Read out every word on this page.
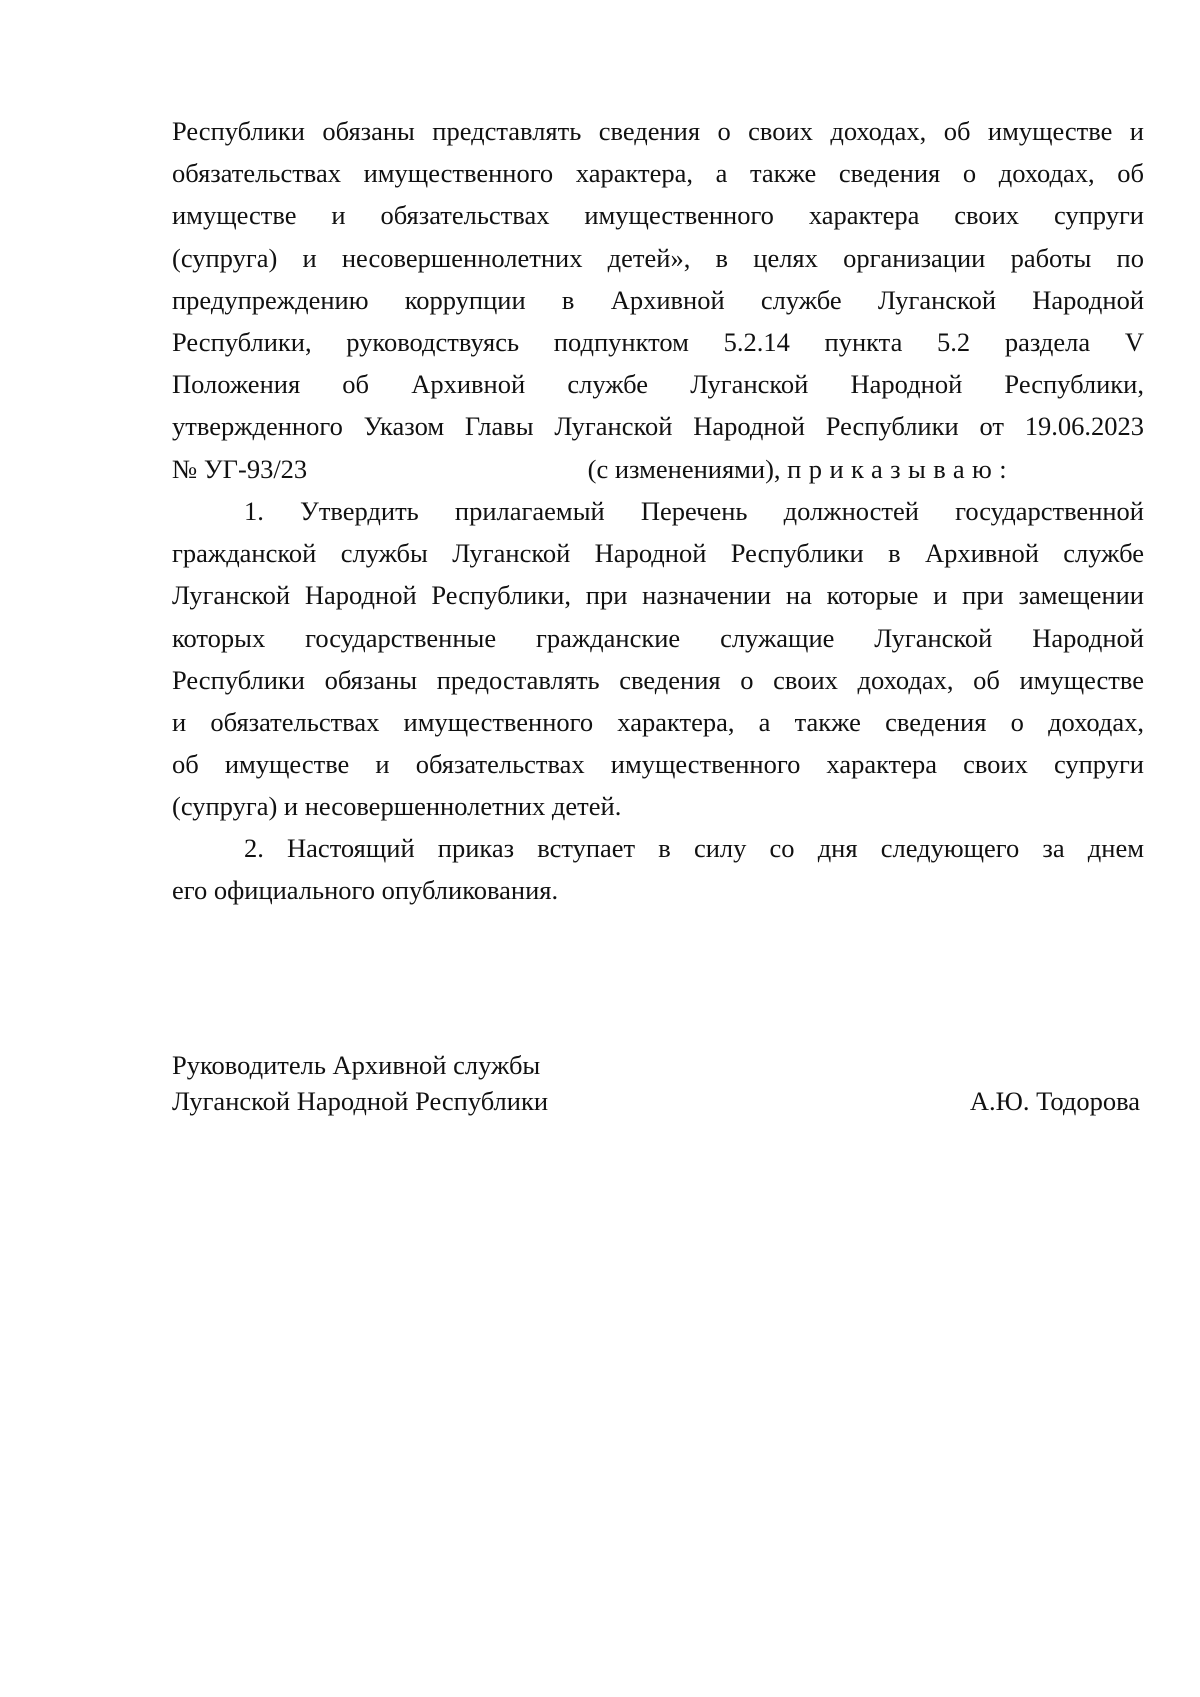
Республики обязаны представлять сведения о своих доходах, об имуществе и
обязательствах имущественного характера, а также сведения о доходах, об
имуществе и обязательствах имущественного характера своих супруги
(супруга) и несовершеннолетних детей», в целях организации работы по
предупреждению коррупции в Архивной службе Луганской Народной
Республики, руководствуясь подпунктом 5.2.14 пункта 5.2 раздела V
Положения об Архивной службе Луганской Народной Республики,
утвержденного Указом Главы Луганской Народной Республики от 19.06.2023
№ УГ-93/23	(с изменениями), приказываю:
1. Утвердить прилагаемый Перечень должностей государственной
гражданской службы Луганской Народной Республики в Архивной службе
Луганской Народной Республики, при назначении на которые и при замещении
которых государственные гражданские служащие Луганской Народной
Республики обязаны предоставлять сведения о своих доходах, об имуществе
и обязательствах имущественного характера, а также сведения о доходах,
об имуществе и обязательствах имущественного характера своих супруги
(супруга) и несовершеннолетних детей.
2. Настоящий приказ вступает в силу со дня следующего за днем
его официального опубликования.
Руководитель Архивной службы
Луганской Народной Республики	А.Ю. Тодорова
